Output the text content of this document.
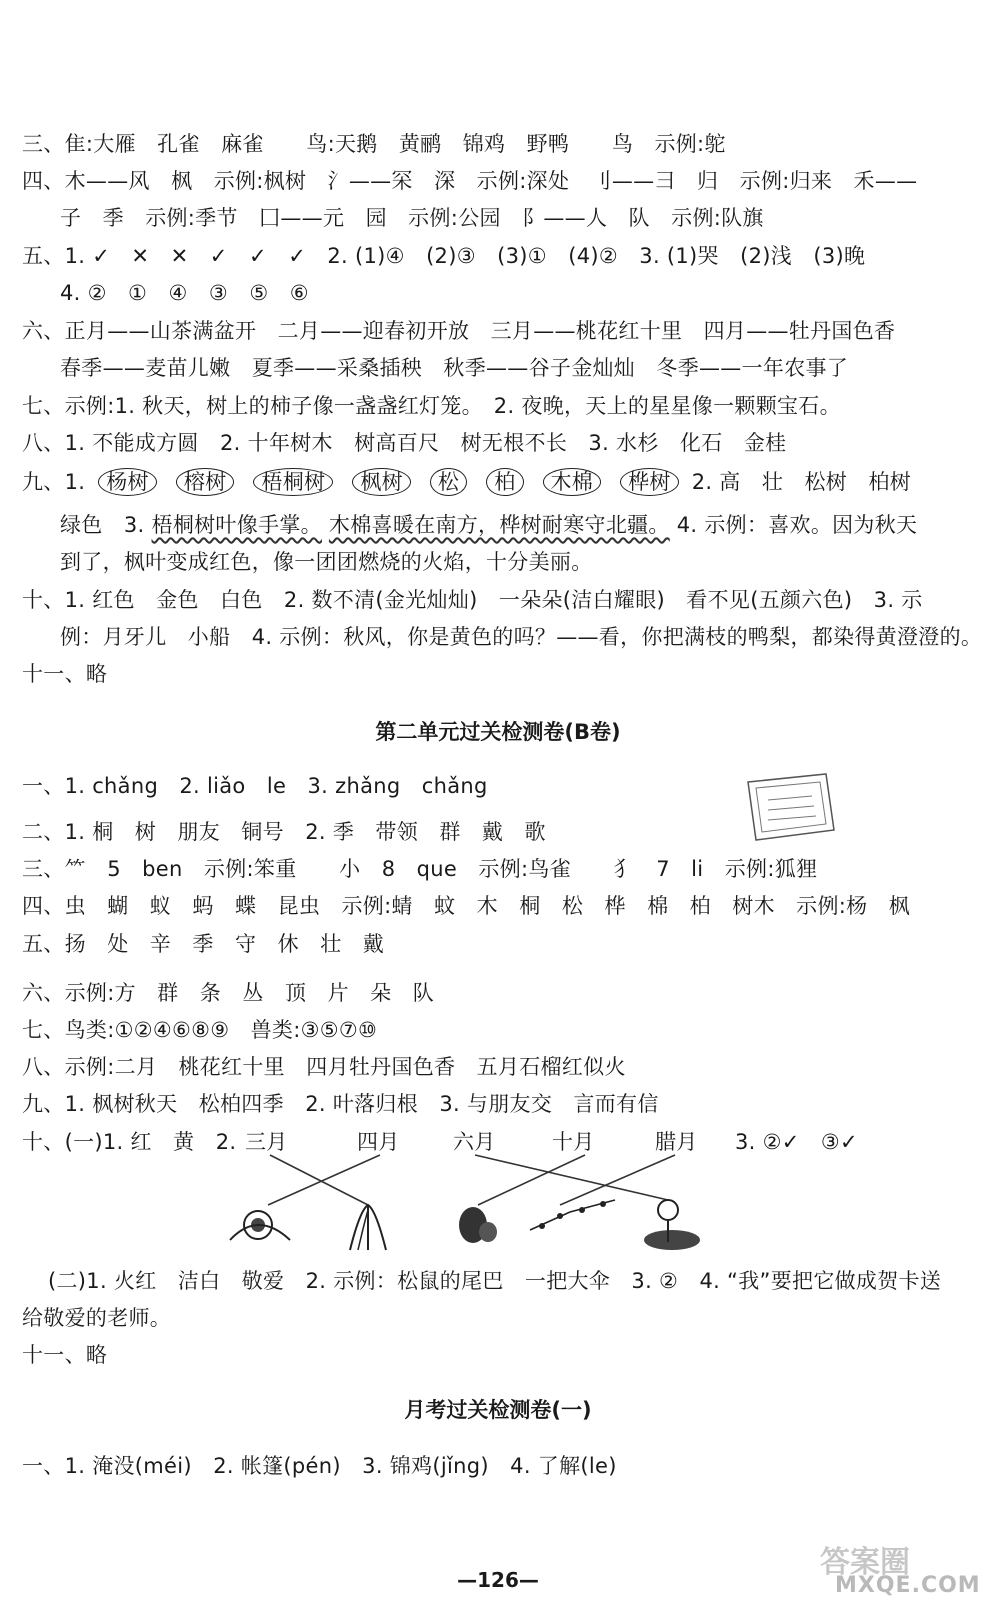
三、隹:大雁　孔雀　麻雀　　鸟:天鹅　黄鹂　锦鸡　野鸭　　鸟　示例:鸵
四、木——风　枫　示例:枫树　氵——罙　深　示例:深处　刂——彐　归　示例:归来　禾——
子　季　示例:季节　囗——元　园　示例:公园　阝——人　队　示例:队旗
五、1. ✓　✕　✕　✓　✓　✓　2. (1)④　(2)③　(3)①　(4)②　3. (1)哭　(2)浅　(3)晚
4. ②　①　④　③　⑤　⑥
六、正月——山茶满盆开　二月——迎春初开放　三月——桃花红十里　四月——牡丹国色香
春季——麦苗儿嫩　夏季——采桑插秧　秋季——谷子金灿灿　冬季——一年农事了
七、示例:1. 秋天，树上的柿子像一盏盏红灯笼。　2. 夜晚，天上的星星像一颗颗宝石。
八、1. 不能成方圆　2. 十年树木　树高百尺　树无根不长　3. 水杉　化石　金桂
九、1. 杨树 榕树 梧桐树 枫树 松 柏 木棉 桦树 2. 高　壮　松树　柏树
绿色　3. 梧桐树叶像手掌。 木棉喜暖在南方，桦树耐寒守北疆。 4. 示例：喜欢。因为秋天
到了，枫叶变成红色，像一团团燃烧的火焰，十分美丽。
十、1. 红色　金色　白色　2. 数不清(金光灿灿)　一朵朵(洁白耀眼)　看不见(五颜六色)　3. 示
例：月牙儿　小船　4. 示例：秋风，你是黄色的吗？——看，你把满枝的鸭梨，都染得黄澄澄的。
十一、略
第二单元过关检测卷(B卷)
一、1. chǎng　2. liǎo　le　3. zhǎng　chǎng
二、1. 桐　树　朋友　铜号　2. 季　带领　群　戴　歌
三、⺮　5　ben　示例:笨重　　小　8　que　示例:鸟雀　　犭　7　li　示例:狐狸
四、虫　蝴　蚁　蚂　蝶　昆虫　示例:蜻　蚊　木　桐　松　桦　棉　柏　树木　示例:杨　枫
五、扬　处　辛　季　守　休　壮　戴
六、示例:方　群　条　丛　顶　片　朵　队
七、鸟类:①②④⑥⑧⑨　兽类:③⑤⑦⑩
八、示例:二月　桃花红十里　四月牡丹国色香　五月石榴红似火
九、1. 枫树秋天　松柏四季　2. 叶落归根　3. 与朋友交　言而有信
十、(一)1. 红　黄　2. 三月	四月	六月	十月	腊月 3. ②✓　③✓
(二)1. 火红　洁白　敬爱　2. 示例：松鼠的尾巴　一把大伞　3. ②　4. “我”要把它做成贺卡送
给敬爱的老师。
十一、略
月考过关检测卷(一)
一、1. 淹没(méi)　2. 帐篷(pén)　3. 锦鸡(jǐng)　4. 了解(le)
—126—	答案圈
MXQE.COM
